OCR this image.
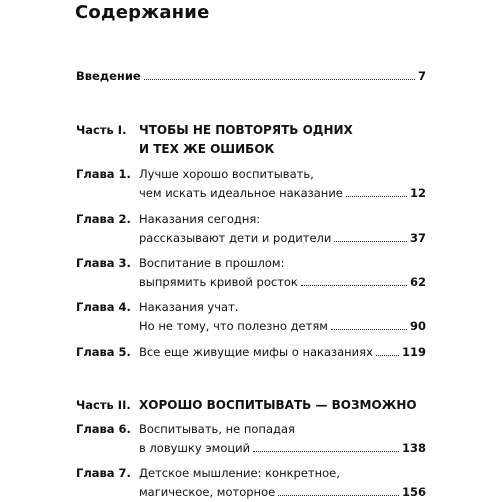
Содержание
Введение	7
Часть I. ЧТОБЫ НЕ ПОВТОРЯТЬ ОДНИХ
И ТЕХ ЖЕ ОШИБОК
Глава 1. Лучше хорошо воспитывать,
чем искать идеальное наказание	12
Глава 2. Наказания сегодня:
рассказывают дети и родители	37
Глава 3. Воспитание в прошлом:
выпрямить кривой росток	62
Глава 4. Наказания учат.
Но не тому, что полезно детям	90
Глава 5. Все еще живущие мифы о наказаниях	119
Часть II. ХОРОШО ВОСПИТЫВАТЬ — ВОЗМОЖНО
Глава 6. Воспитывать, не попадая
в ловушку эмоций	138
Глава 7. Детское мышление: конкретное,
магическое, моторное	156
